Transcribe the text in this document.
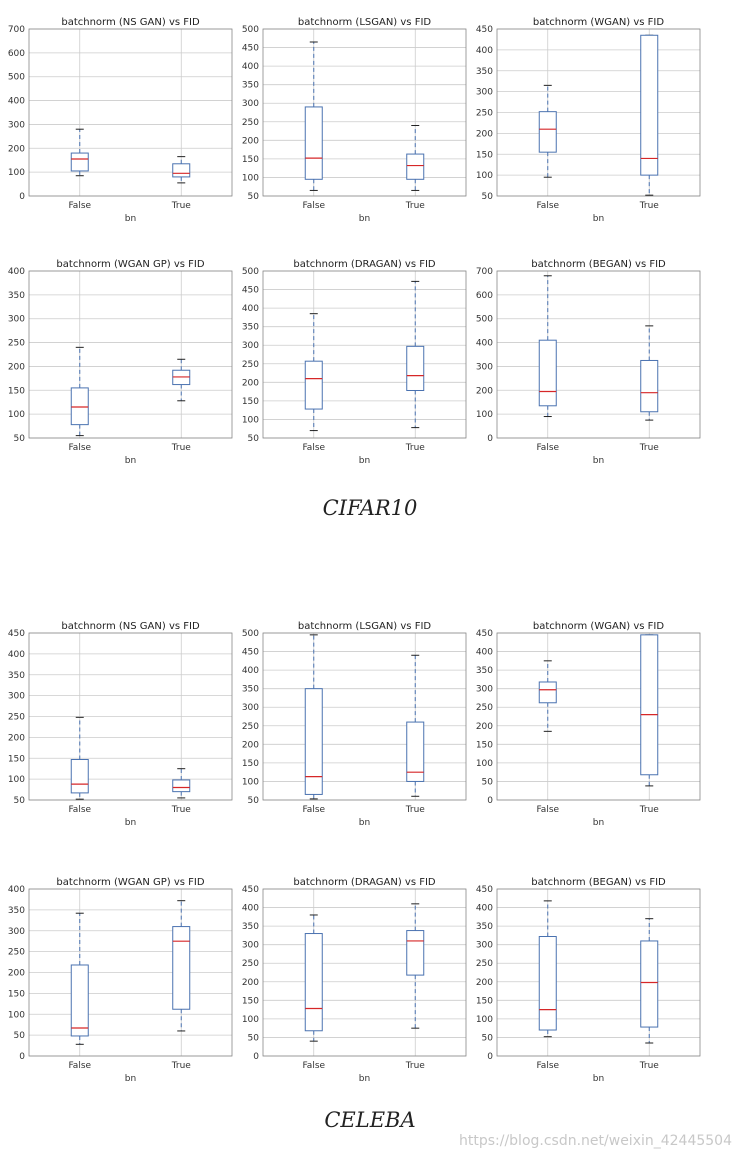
0
100
200
300
400
500
600
700
batchnorm (NS GAN) vs FID
False	True
bn
50
100
150
200
250
300
350
400
450
500
batchnorm (LSGAN) vs FID
False	True
bn
50
100
150
200
250
300
350
400
450
batchnorm (WGAN) vs FID
False	True
bn
50
100
150
200
250
300
350
400
batchnorm (WGAN GP) vs FID
False	True
bn
50
100
150
200
250
300
350
400
450
500
batchnorm (DRAGAN) vs FID
False	True
bn
0
100
200
300
400
500
600
700
batchnorm (BEGAN) vs FID
False	True
bn
50
100
150
200
250
300
350
400
450
batchnorm (NS GAN) vs FID
False	True
bn
50
100
150
200
250
300
350
400
450
500
batchnorm (LSGAN) vs FID
False	True
bn
0
50
100
150
200
250
300
350
400
450
batchnorm (WGAN) vs FID
False	True
bn
0
50
100
150
200
250
300
350
400
batchnorm (WGAN GP) vs FID
False	True
bn
0
50
100
150
200
250
300
350
400
450
batchnorm (DRAGAN) vs FID
False	True
bn
0
50
100
150
200
250
300
350
400
450
batchnorm (BEGAN) vs FID
False	True
bn
CIFAR10
CELEBA
https://blog.csdn.net/weixin_42445504
